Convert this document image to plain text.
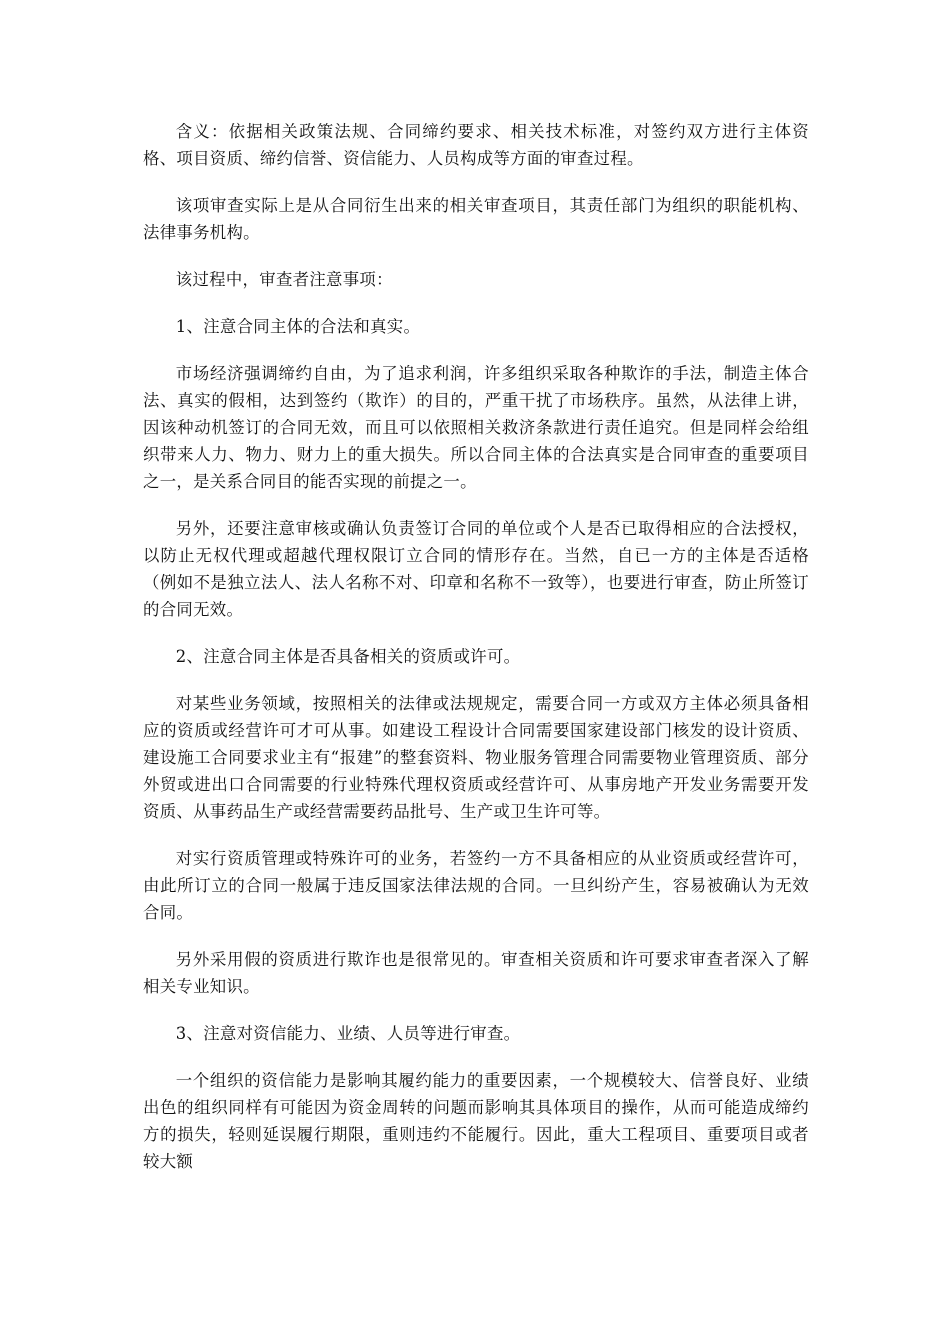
含义：依据相关政策法规、合同缔约要求、相关技术标准，对签约双方进行主体资格、项目资质、缔约信誉、资信能力、人员构成等方面的审查过程。

该项审查实际上是从合同衍生出来的相关审查项目，其责任部门为组织的职能机构、法律事务机构。

该过程中，审查者注意事项：

1、注意合同主体的合法和真实。

市场经济强调缔约自由，为了追求利润，许多组织采取各种欺诈的手法，制造主体合法、真实的假相，达到签约（欺诈）的目的，严重干扰了市场秩序。虽然，从法律上讲，因该种动机签订的合同无效，而且可以依照相关救济条款进行责任追究。但是同样会给组织带来人力、物力、财力上的重大损失。所以合同主体的合法真实是合同审查的重要项目之一，是关系合同目的能否实现的前提之一。

另外，还要注意审核或确认负责签订合同的单位或个人是否已取得相应的合法授权，以防止无权代理或超越代理权限订立合同的情形存在。当然，自已一方的主体是否适格（例如不是独立法人、法人名称不对、印章和名称不一致等），也要进行审查，防止所签订的合同无效。

2、注意合同主体是否具备相关的资质或许可。

对某些业务领域，按照相关的法律或法规规定，需要合同一方或双方主体必须具备相应的资质或经营许可才可从事。如建设工程设计合同需要国家建设部门核发的设计资质、建设施工合同要求业主有“报建”的整套资料、物业服务管理合同需要物业管理资质、部分外贸或进出口合同需要的行业特殊代理权资质或经营许可、从事房地产开发业务需要开发资质、从事药品生产或经营需要药品批号、生产或卫生许可等。

对实行资质管理或特殊许可的业务，若签约一方不具备相应的从业资质或经营许可，由此所订立的合同一般属于违反国家法律法规的合同。一旦纠纷产生，容易被确认为无效合同。

另外采用假的资质进行欺诈也是很常见的。审查相关资质和许可要求审查者深入了解相关专业知识。

3、注意对资信能力、业绩、人员等进行审查。

一个组织的资信能力是影响其履约能力的重要因素，一个规模较大、信誉良好、业绩出色的组织同样有可能因为资金周转的问题而影响其具体项目的操作，从而可能造成缔约方的损失，轻则延误履行期限，重则违约不能履行。因此，重大工程项目、重要项目或者较大额
